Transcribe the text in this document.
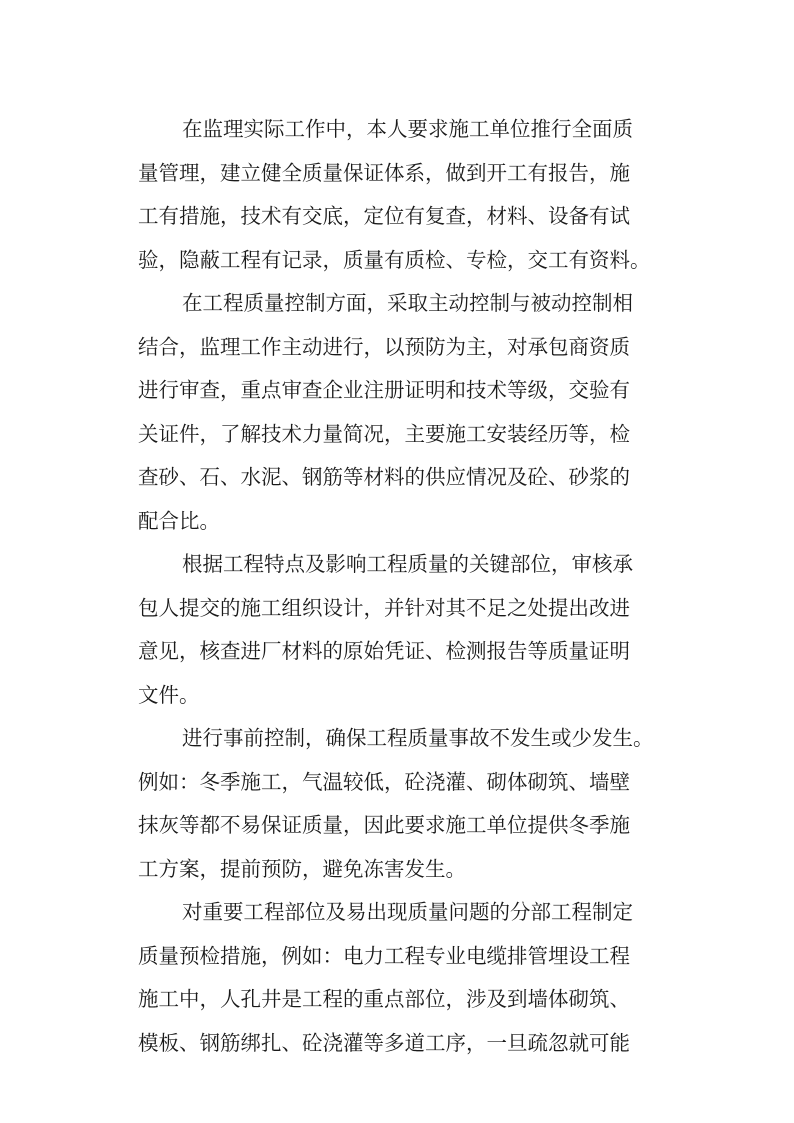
在监理实际工作中，本人要求施工单位推行全面质
量管理，建立健全质量保证体系，做到开工有报告，施
工有措施，技术有交底，定位有复查，材料、设备有试
验，隐蔽工程有记录，质量有质检、专检，交工有资料。

在工程质量控制方面，采取主动控制与被动控制相
结合，监理工作主动进行，以预防为主，对承包商资质
进行审查，重点审查企业注册证明和技术等级，交验有
关证件，了解技术力量简况，主要施工安装经历等，检
查砂、石、水泥、钢筋等材料的供应情况及砼、砂浆的
配合比。

根据工程特点及影响工程质量的关键部位，审核承
包人提交的施工组织设计，并针对其不足之处提出改进
意见，核查进厂材料的原始凭证、检测报告等质量证明
文件。

进行事前控制，确保工程质量事故不发生或少发生。
例如：冬季施工，气温较低，砼浇灌、砌体砌筑、墙壁
抹灰等都不易保证质量，因此要求施工单位提供冬季施
工方案，提前预防，避免冻害发生。

对重要工程部位及易出现质量问题的分部工程制定
质量预检措施，例如：电力工程专业电缆排管埋设工程
施工中，人孔井是工程的重点部位，涉及到墙体砌筑、
模板、钢筋绑扎、砼浇灌等多道工序，一旦疏忽就可能
